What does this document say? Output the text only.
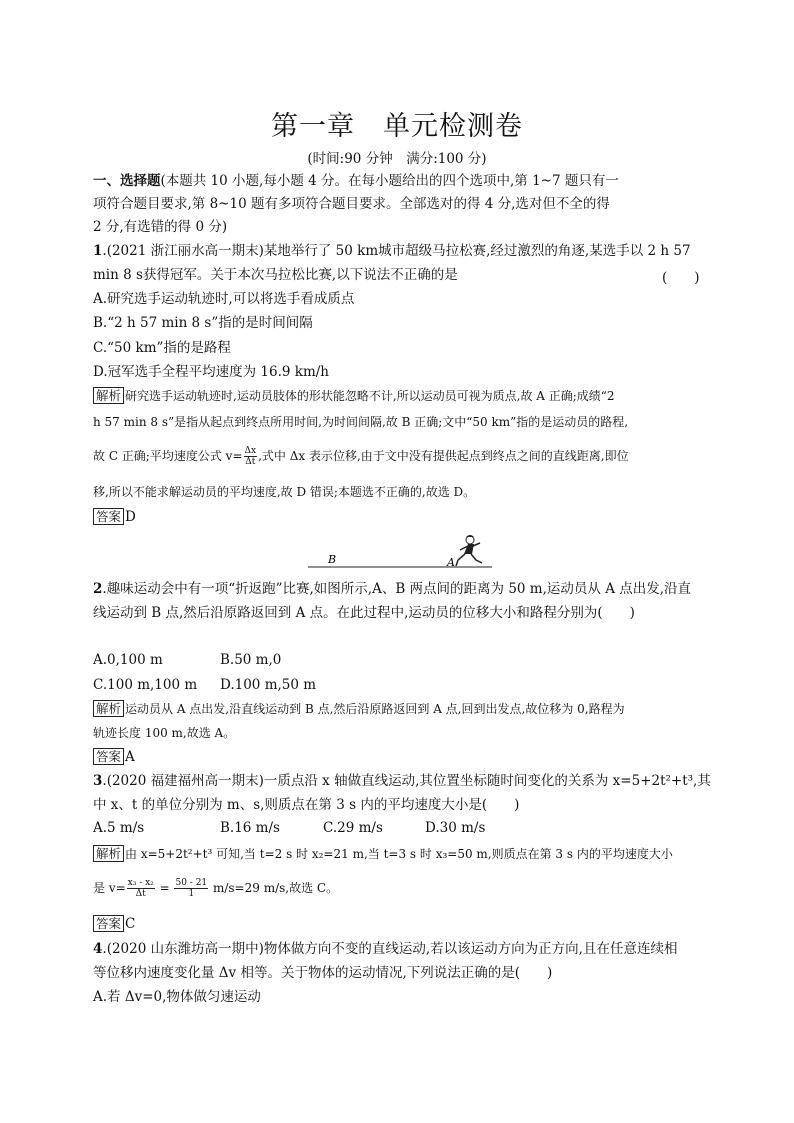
第一章　单元检测卷
(时间:90 分钟　满分:100 分)
一、选择题(本题共 10 小题,每小题 4 分。在每小题给出的四个选项中,第 1~7 题只有一
项符合题目要求,第 8~10 题有多项符合题目要求。全部选对的得 4 分,选对但不全的得
2 分,有选错的得 0 分)
1.(2021 浙江丽水高一期末)某地举行了 50 km城市超级马拉松赛,经过激烈的角逐,某选手以 2 h 57
min 8 s获得冠军。关于本次马拉松比赛,以下说法不正确的是	(　　)
A.研究选手运动轨迹时,可以将选手看成质点
B.“2 h 57 min 8 s”指的是时间间隔
C.“50 km”指的是路程
D.冠军选手全程平均速度为 16.9 km/h
解析 研究选手运动轨迹时,运动员肢体的形状能忽略不计,所以运动员可视为质点,故 A 正确;成绩“2
h 57 min 8 s”是指从起点到终点所用时间,为时间间隔,故 B 正确;文中“50 km”指的是运动员的路程,
故 C 正确;平均速度公式 $v= \frac{\Delta x}{\Delta t}$ ,式中 Δx 表示位移,由于文中没有提供起点到终点之间的直线距离,即位
移,所以不能求解运动员的平均速度,故 D 错误;本题选不正确的,故选 D。
答案 D
B	A
2.趣味运动会中有一项“折返跑”比赛,如图所示,A、B 两点间的距离为 50 m,运动员从 A 点出发,沿直
线运动到 B 点,然后沿原路返回到 A 点。在此过程中,运动员的位移大小和路程分别为(　　)
A.0,100 m	B.50 m,0
C.100 m,100 m D.100 m,50 m
解析 运动员从 A 点出发,沿直线运动到 B 点,然后沿原路返回到 A 点,回到出发点,故位移为 0,路程为
轨迹长度 100 m,故选 A。
答案 A
3.(2020 福建福州高一期末)一质点沿 x 轴做直线运动,其位置坐标随时间变化的关系为 x=5+2t²+t³,其
中 x、t 的单位分别为 m、s,则质点在第 3 s 内的平均速度大小是(　　)
A.5 m/s	B.16 m/s	C.29 m/s	D.30 m/s
解析 由 x=5+2t²+t³ 可知,当 t=2 s 时 x₂=21 m,当 t=3 s 时 x₃=50 m,则质点在第 3 s 内的平均速度大小
是 $v= \frac{\text{x₃ - x₂}}{\Delta t} = \frac{50 - 21}{1} m/s=29$ m/s,故选 C。
答案 C
4.(2020 山东潍坊高一期中)物体做方向不变的直线运动,若以该运动方向为正方向,且在任意连续相
等位移内速度变化量 Δv 相等。关于物体的运动情况,下列说法正确的是(　　)
A.若 Δv=0,物体做匀速运动
